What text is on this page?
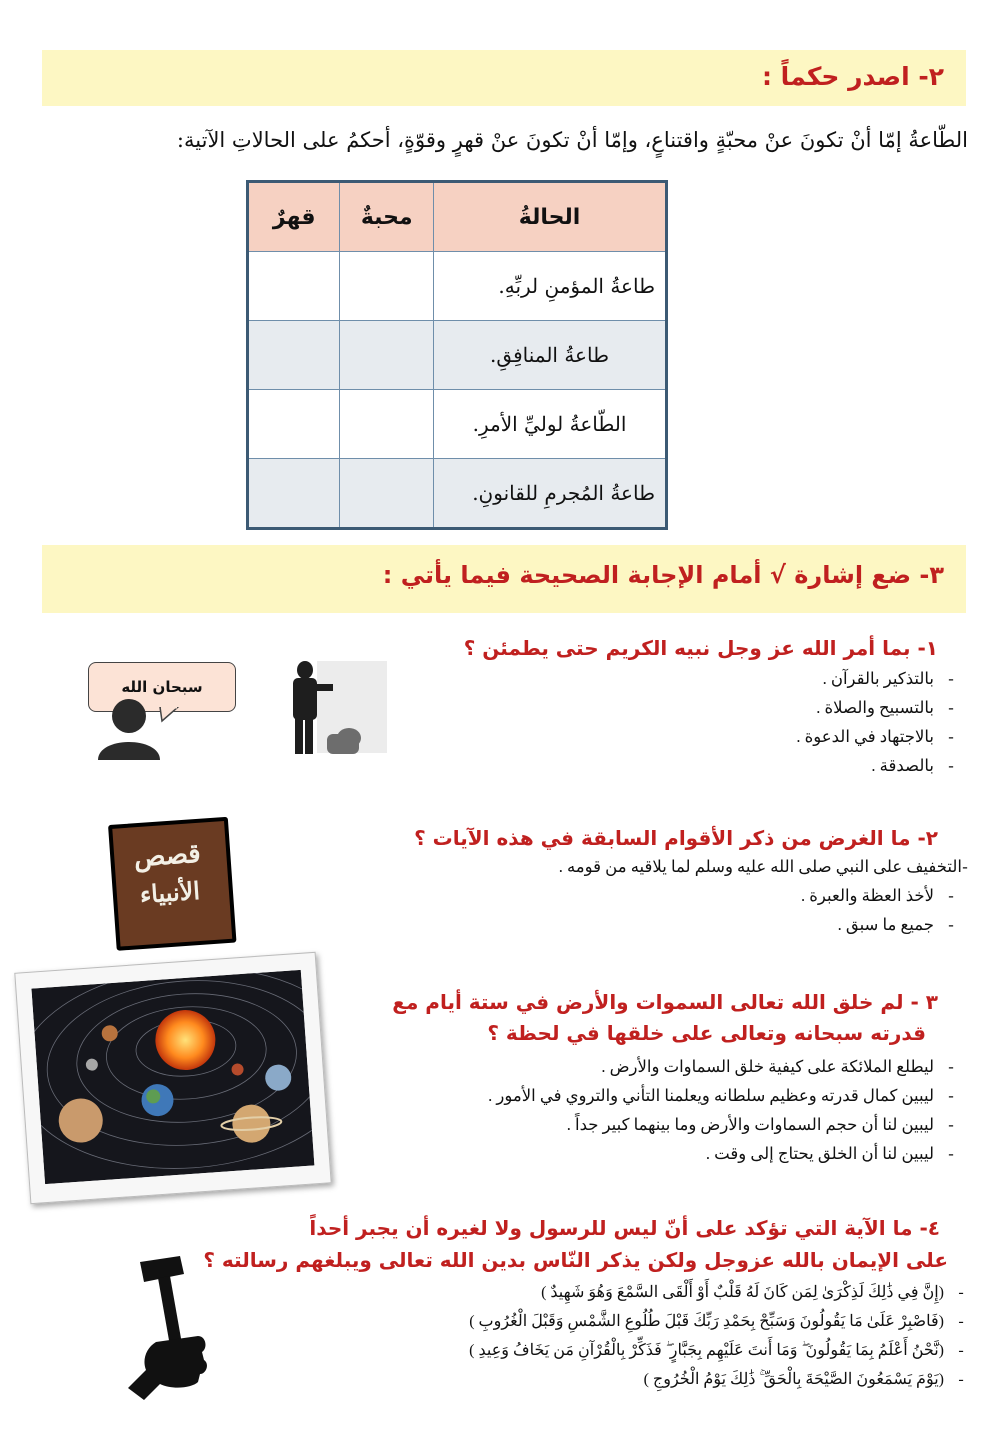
٢- اصدر حكماً :
الطّاعةُ إمّا أنْ تكونَ عنْ محبّةٍ واقتناعٍ، وإمّا أنْ تكونَ عنْ قهرٍ وقوّةٍ، أحكمُ على الحالاتِ الآتية:
الحالةُ	محبةٌ	قهرٌ
طاعةُ المؤمنِ لربِّهِ.		
طاعةُ المنافِقِ.		
الطّاعةُ لوليِّ الأمرِ.		
طاعةُ المُجرمِ للقانونِ.		
٣- ضع إشارة √ أمام الإجابة الصحيحة فيما يأتي :
١- بما أمر الله عز وجل نبيه الكريم حتى يطمئن ؟
-بالتذكير بالقرآن .
-بالتسبيح والصلاة .
-بالاجتهاد في الدعوة .
-بالصدقة .
سبحان الله
٢- ما الغرض من ذكر الأقوام السابقة في هذه الآيات ؟
-التخفيف على النبي صلى الله عليه وسلم لما يلاقيه من قومه .
-لأخذ العظة والعبرة .
-جميع ما سبق .
قصص
الأنبياء
٣ - لم خلق الله تعالى السموات والأرض في ستة أيام مع
قدرته سبحانه وتعالى على خلقها في لحظة ؟
-ليطلع الملائكة على كيفية خلق السماوات والأرض .
-ليبين كمال قدرته وعظيم سلطانه ويعلمنا التأني والتروي في الأمور .
-ليبين لنا أن حجم السماوات والأرض وما بينهما كبير جداً .
-ليبين لنا أن الخلق يحتاج إلى وقت .
٤- ما الآية التي تؤكد على أنّ ليس للرسول ولا لغيره أن يجبر أحداً
على الإيمان بالله عزوجل ولكن يذكر النّاس بدين الله تعالى ويبلغهم رسالته ؟
-(إِنَّ فِي ذَٰلِكَ لَذِكْرَىٰ لِمَن كَانَ لَهُ قَلْبٌ أَوْ أَلْقَى السَّمْعَ وَهُوَ شَهِيدٌ )
-(فَاصْبِرْ عَلَىٰ مَا يَقُولُونَ وَسَبِّحْ بِحَمْدِ رَبِّكَ قَبْلَ طُلُوعِ الشَّمْسِ وَقَبْلَ الْغُرُوبِ )
-(نَّحْنُ أَعْلَمُ بِمَا يَقُولُونَ ۖ وَمَا أَنتَ عَلَيْهِم بِجَبَّارٍ ۖ فَذَكِّرْ بِالْقُرْآنِ مَن يَخَافُ وَعِيدِ )
-(يَوْمَ يَسْمَعُونَ الصَّيْحَةَ بِالْحَقِّ ۚ ذَٰلِكَ يَوْمُ الْخُرُوجِ )
